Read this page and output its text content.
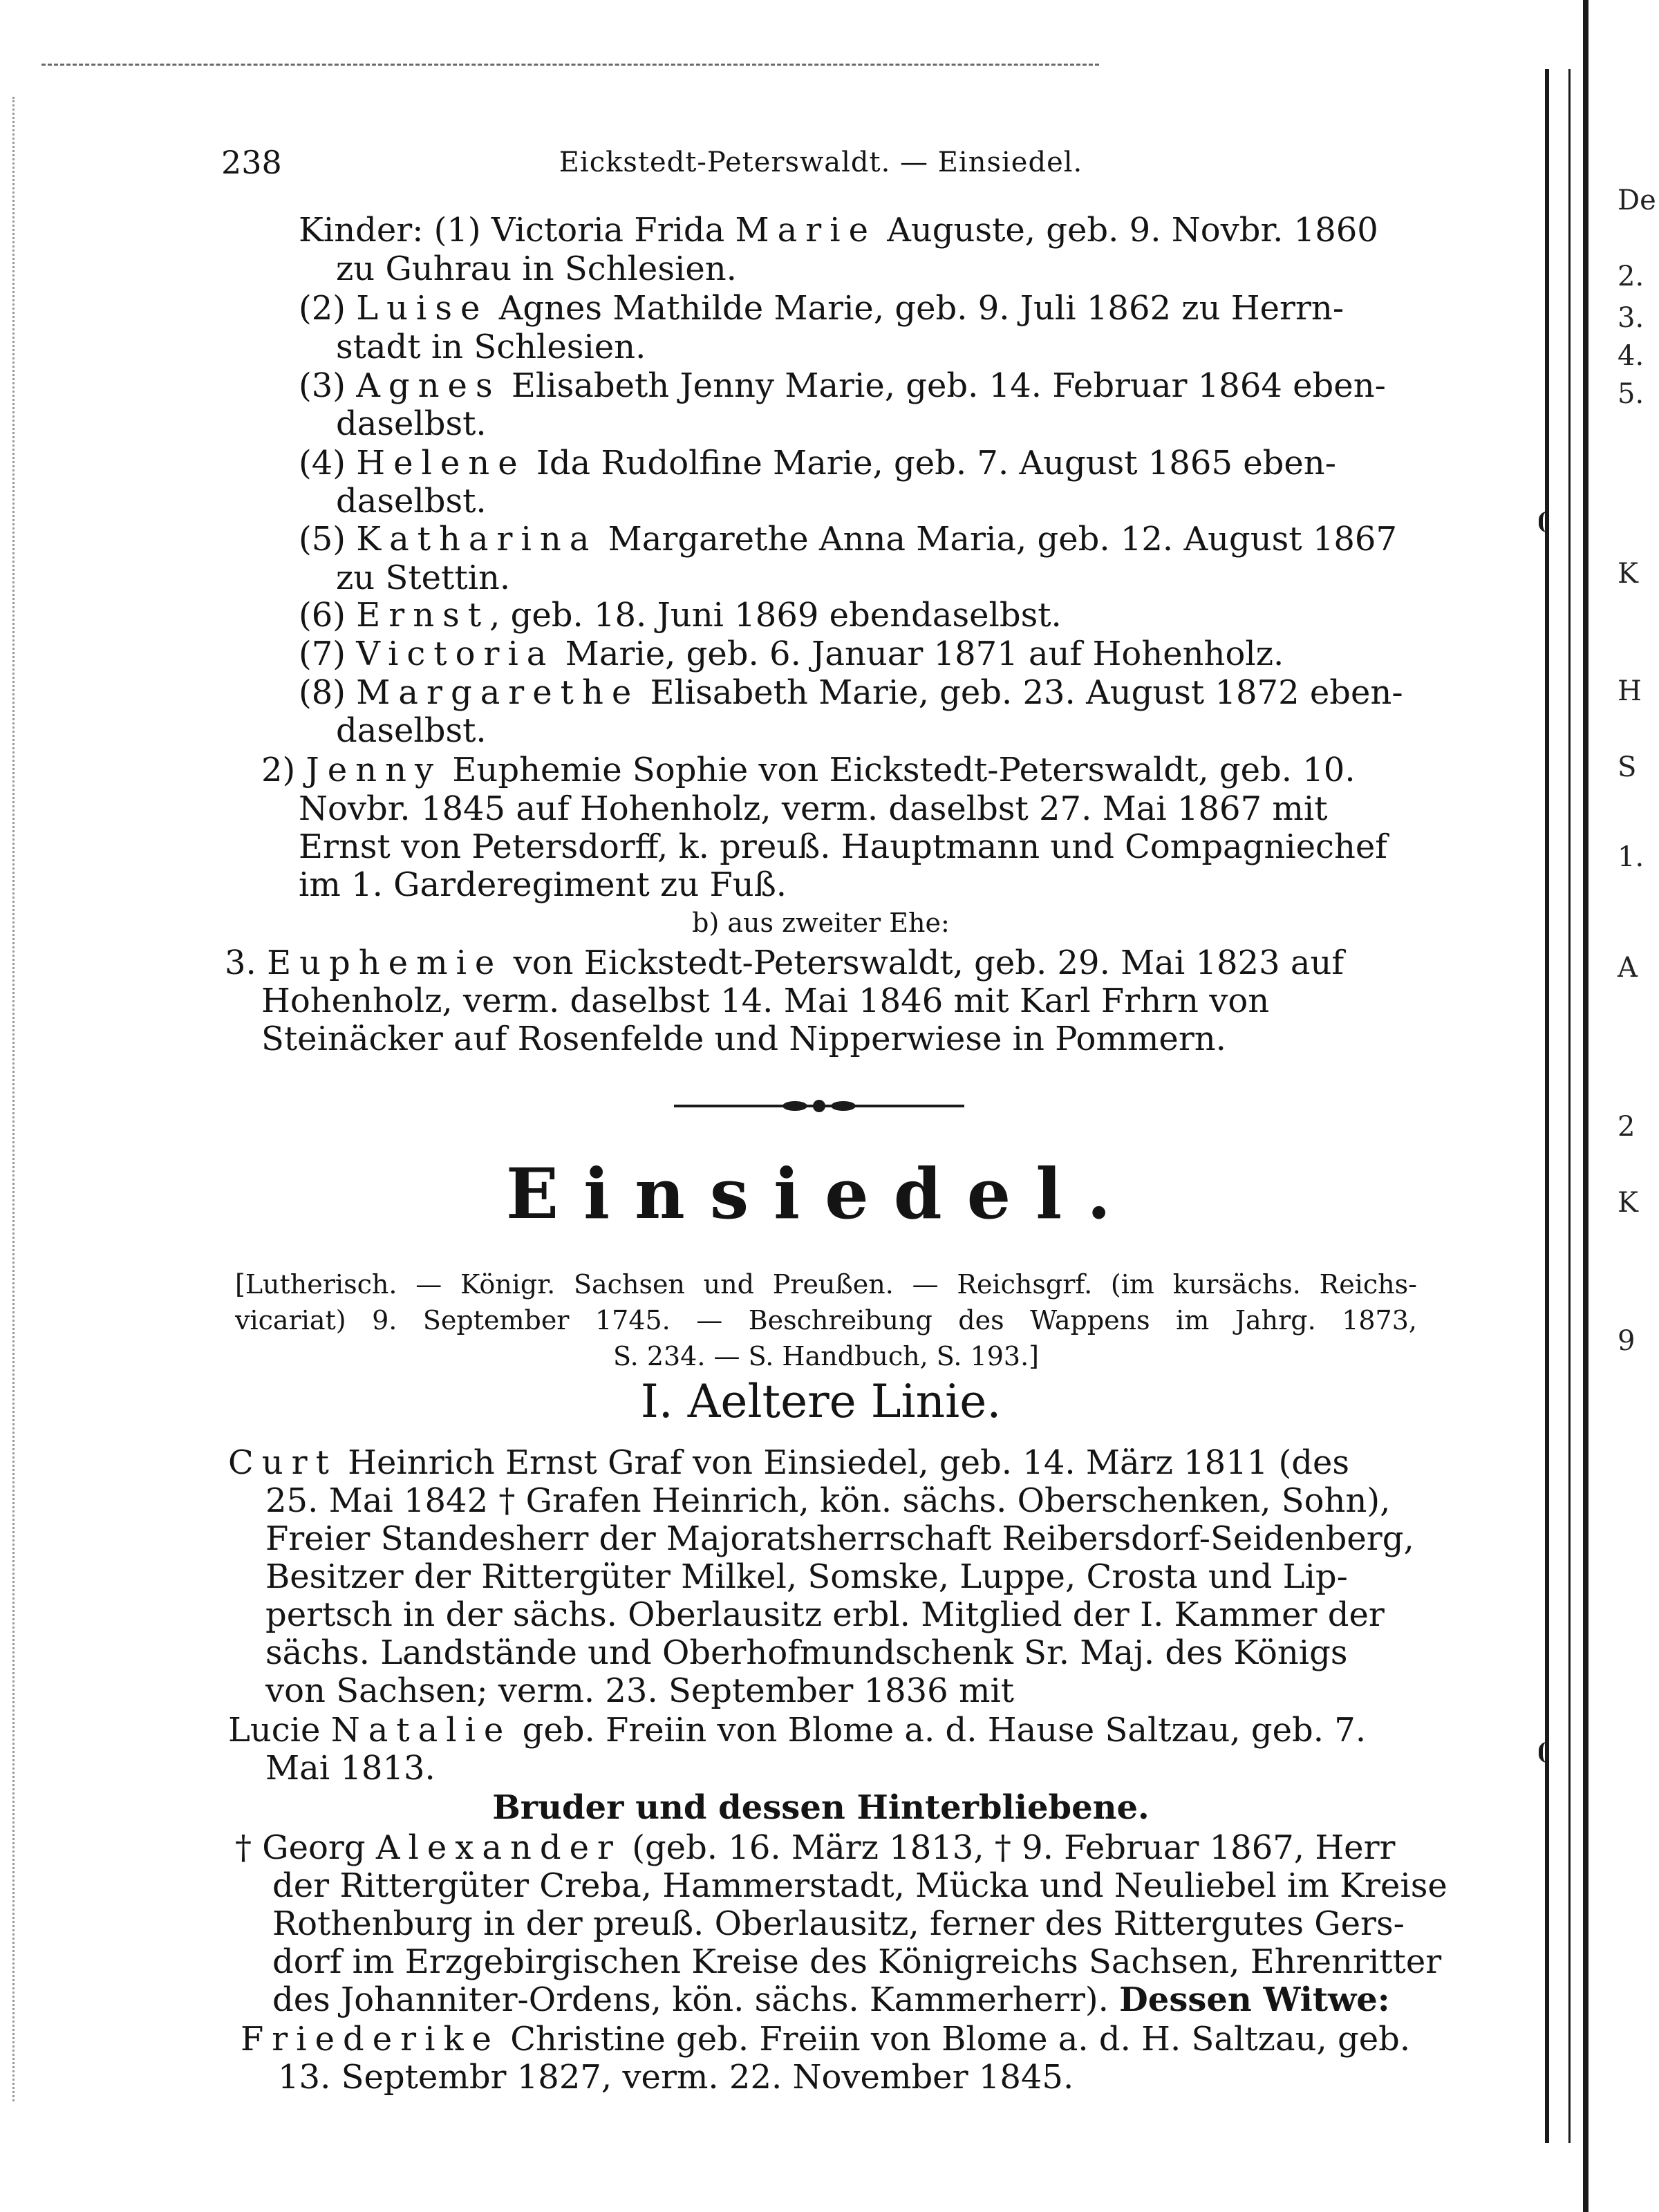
De
2.
3.
4.
5.
K
H
S
1.
A
2
K
9
238	Eickstedt-Peterswaldt. — Einsiedel.
Kinder: (1) Victoria Frida Marie Auguste, geb. 9. Novbr. 1860
zu Guhrau in Schlesien.
(2) Luise Agnes Mathilde Marie, geb. 9. Juli 1862 zu Herrn-
stadt in Schlesien.
(3) Agnes Elisabeth Jenny Marie, geb. 14. Februar 1864 eben-
daselbst.
(4) Helene Ida Rudolfine Marie, geb. 7. August 1865 eben-
daselbst.
(5) Katharina Margarethe Anna Maria, geb. 12. August 1867
zu Stettin.
(6) Ernst, geb. 18. Juni 1869 ebendaselbst.
(7) Victoria Marie, geb. 6. Januar 1871 auf Hohenholz.
(8) Margarethe Elisabeth Marie, geb. 23. August 1872 eben-
daselbst.
2) Jenny Euphemie Sophie von Eickstedt-Peterswaldt, geb. 10.
Novbr. 1845 auf Hohenholz, verm. daselbst 27. Mai 1867 mit
Ernst von Petersdorff, k. preuß. Hauptmann und Compagniechef
im 1. Garderegiment zu Fuß.
b) aus zweiter Ehe:
3. Euphemie von Eickstedt-Peterswaldt, geb. 29. Mai 1823 auf
Hohenholz, verm. daselbst 14. Mai 1846 mit Karl Frhrn von
Steinäcker auf Rosenfelde und Nipperwiese in Pommern.
Einsiedel.
[Lutherisch. — Königr. Sachsen und Preußen. — Reichsgrf. (im kursächs. Reichs-
vicariat) 9. September 1745. — Beschreibung des Wappens im Jahrg. 1873,
S. 234. — S. Handbuch, S. 193.]
I. Aeltere Linie.
Curt Heinrich Ernst Graf von Einsiedel, geb. 14. März 1811 (des
25. Mai 1842 † Grafen Heinrich, kön. sächs. Oberschenken, Sohn),
Freier Standesherr der Majoratsherrschaft Reibersdorf-Seidenberg,
Besitzer der Rittergüter Milkel, Somske, Luppe, Crosta und Lip-
pertsch in der sächs. Oberlausitz erbl. Mitglied der I. Kammer der
sächs. Landstände und Oberhofmundschenk Sr. Maj. des Königs
von Sachsen; verm. 23. September 1836 mit
Lucie Natalie geb. Freiin von Blome a. d. Hause Saltzau, geb. 7.
Mai 1813.
Bruder und dessen Hinterbliebene.
† Georg Alexander (geb. 16. März 1813, † 9. Februar 1867, Herr
der Rittergüter Creba, Hammerstadt, Mücka und Neuliebel im Kreise
Rothenburg in der preuß. Oberlausitz, ferner des Rittergutes Gers-
dorf im Erzgebirgischen Kreise des Königreichs Sachsen, Ehrenritter
des Johanniter-Ordens, kön. sächs. Kammerherr). Dessen Witwe:
Friederike Christine geb. Freiin von Blome a. d. H. Saltzau, geb.
13. Septembr 1827, verm. 22. November 1845.
